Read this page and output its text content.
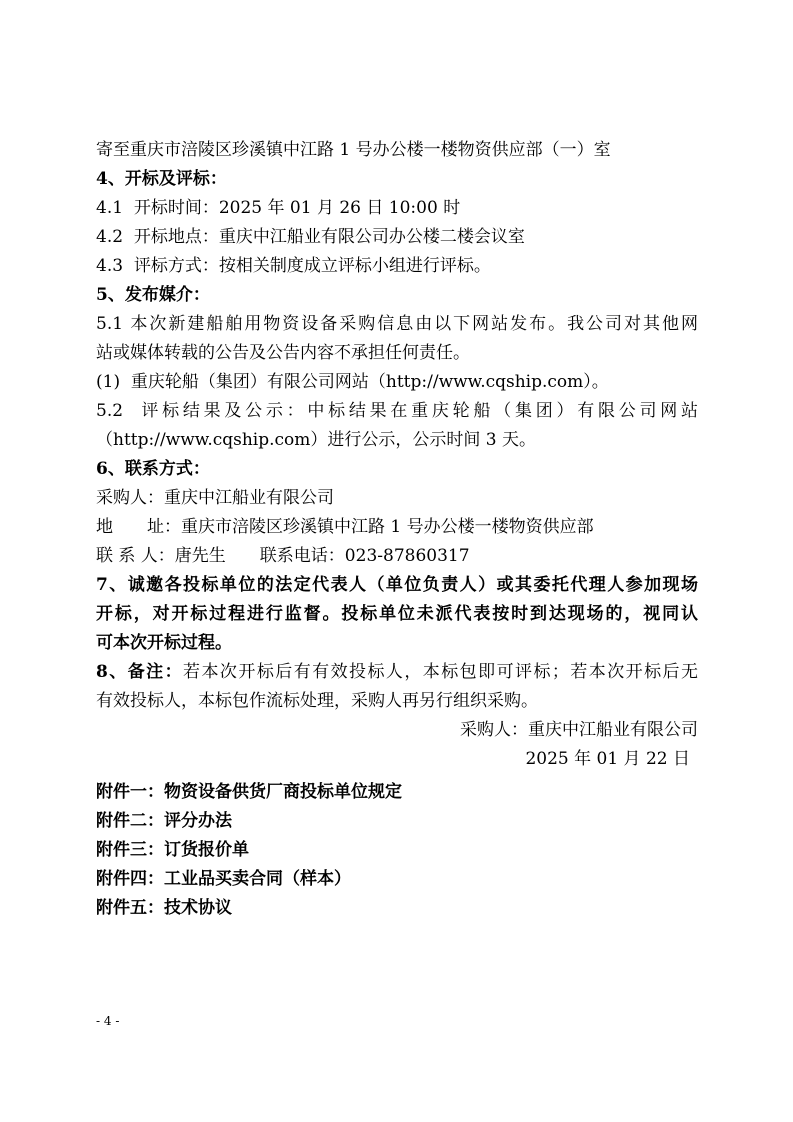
寄至重庆市涪陵区珍溪镇中江路 1 号办公楼一楼物资供应部（一）室
4、开标及评标：
4.1  开标时间：2025 年 01 月 26 日 10:00 时
4.2  开标地点：重庆中江船业有限公司办公楼二楼会议室
4.3  评标方式：按相关制度成立评标小组进行评标。
5、发布媒介：
5.1 本次新建船舶用物资设备采购信息由以下网站发布。我公司对其他网
站或媒体转载的公告及公告内容不承担任何责任。
(1)  重庆轮船（集团）有限公司网站（http://www.cqship.com）。
5.2  评标结果及公示：中标结果在重庆轮船（集团）有限公司网站
（http://www.cqship.com）进行公示，公示时间 3 天。
6、联系方式：
采购人：重庆中江船业有限公司
地　　址：重庆市涪陵区珍溪镇中江路 1 号办公楼一楼物资供应部
联 系 人：唐先生　　联系电话：023-87860317
7、诚邀各投标单位的法定代表人（单位负责人）或其委托代理人参加现场
开标，对开标过程进行监督。投标单位未派代表按时到达现场的，视同认
可本次开标过程。
8、备注：若本次开标后有有效投标人，本标包即可评标；若本次开标后无
有效投标人，本标包作流标处理，采购人再另行组织采购。
采购人：重庆中江船业有限公司
2025 年 01 月 22 日
附件一：物资设备供货厂商投标单位规定
附件二：评分办法
附件三：订货报价单
附件四：工业品买卖合同（样本）
附件五：技术协议
- 4 -
